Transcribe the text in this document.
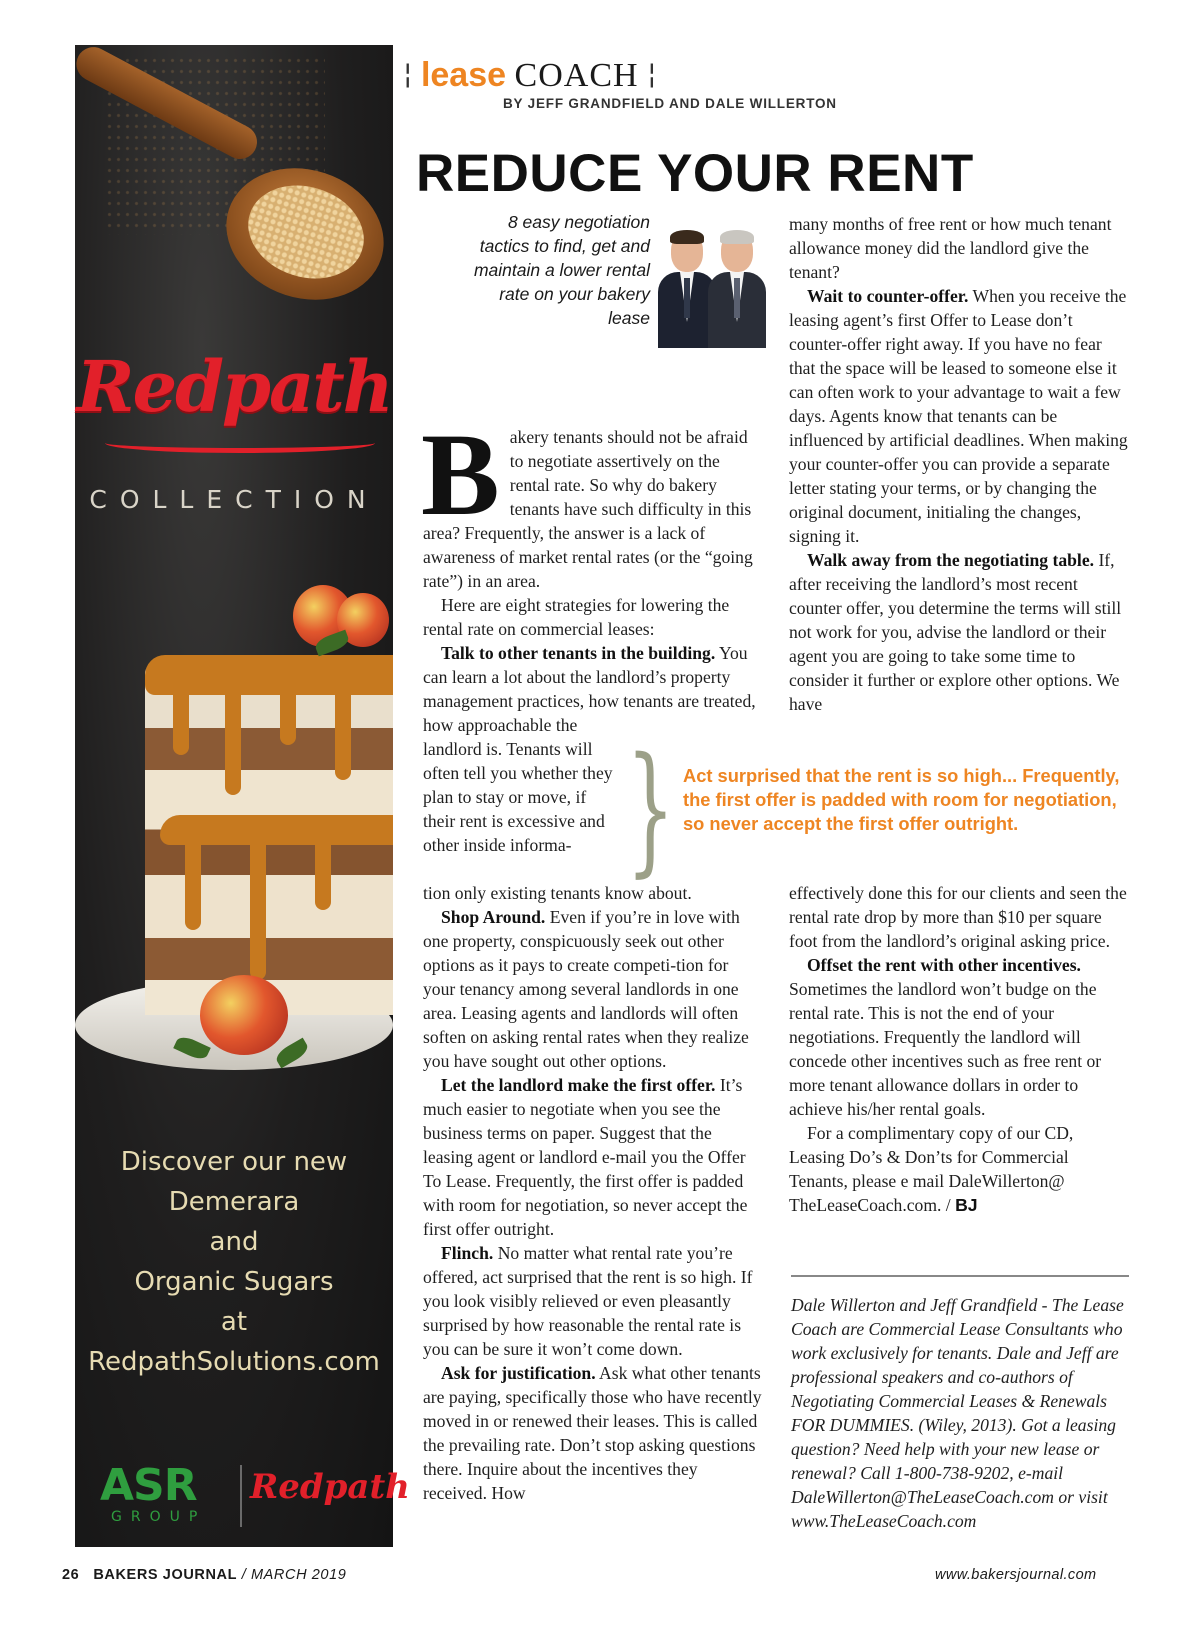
Redpath
COLLECTION
Discover our new
Demerara
and
Organic Sugars
at
RedpathSolutions.com
ASR
GROUP
Redpath
¦ lease COACH ¦
BY JEFF GRANDFIELD AND DALE WILLERTON
REDUCE YOUR RENT
8 easy negotiation
tactics to find, get and
maintain a lower rental
rate on your bakery
lease
B akery tenants should not be afraid to negotiate assertively on the rental rate. So why do bakery tenants have such difficulty in this area? Frequently, the answer is a lack of awareness of market rental rates (or the “going rate”) in an area.

Here are eight strategies for lowering the rental rate on commercial leases:

Talk to other tenants in the building. You can learn a lot about the landlord’s property management practices, how tenants are treated, how approachable the

landlord is. Tenants will often tell you whether they plan to stay or move, if their rent is excessive and other inside informa- } Act surprised that the rent is so high... Frequently, the first offer is padded with room for negotiation, so never accept the first offer outright.

tion only existing tenants know about.

Shop Around. Even if you’re in love with one property, conspicuously seek out other options as it pays to create competi-tion for your tenancy among several landlords in one area. Leasing agents and landlords will often soften on asking rental rates when they realize you have sought out other options.

Let the landlord make the first offer. It’s much easier to negotiate when you see the business terms on paper. Suggest that the leasing agent or landlord e-mail you the Offer To Lease. Frequently, the first offer is padded with room for negotiation, so never accept the first offer outright.

Flinch. No matter what rental rate you’re offered, act surprised that the rent is so high. If you look visibly relieved or even pleasantly surprised by how reasonable the rental rate is you can be sure it won’t come down.

Ask for justification. Ask what other tenants are paying, specifically those who have recently moved in or renewed their leases. This is called the prevailing rate. Don’t stop asking questions there. Inquire about the incentives they received. How

many months of free rent or how much tenant allowance money did the landlord give the tenant?

Wait to counter-offer. When you receive the leasing agent’s first Offer to Lease don’t counter-offer right away. If you have no fear that the space will be leased to someone else it can often work to your advantage to wait a few days. Agents know that tenants can be influenced by artificial deadlines. When making your counter-offer you can provide a separate letter stating your terms, or by changing the original document, initialing the changes, signing it.

Walk away from the negotiating table. If, after receiving the landlord’s most recent counter offer, you determine the terms will still not work for you, advise the landlord or their agent you are going to take some time to consider it further or explore other options. We have

effectively done this for our clients and seen the rental rate drop by more than $10 per square foot from the landlord’s original asking price.

Offset the rent with other incentives. Sometimes the landlord won’t budge on the rental rate. This is not the end of your negotiations. Frequently the landlord will concede other incentives such as free rent or more tenant allowance dollars in order to achieve his/her rental goals.

For a complimentary copy of our CD, Leasing Do’s & Don’ts for Commercial Tenants, please e mail DaleWillerton@ TheLeaseCoach.com. / BJ

Dale Willerton and Jeff Grandfield - The Lease Coach are Commercial Lease Consultants who work exclusively for tenants. Dale and Jeff are professional speakers and co-authors of Negotiating Commercial Leases & Renewals FOR DUMMIES. (Wiley, 2013). Got a leasing question? Need help with your new lease or renewal? Call 1-800-738-9202, e-mail DaleWillerton@TheLeaseCoach.com or visit www.TheLeaseCoach.com
26 BAKERS JOURNAL / MARCH 2019	www.bakersjournal.com
